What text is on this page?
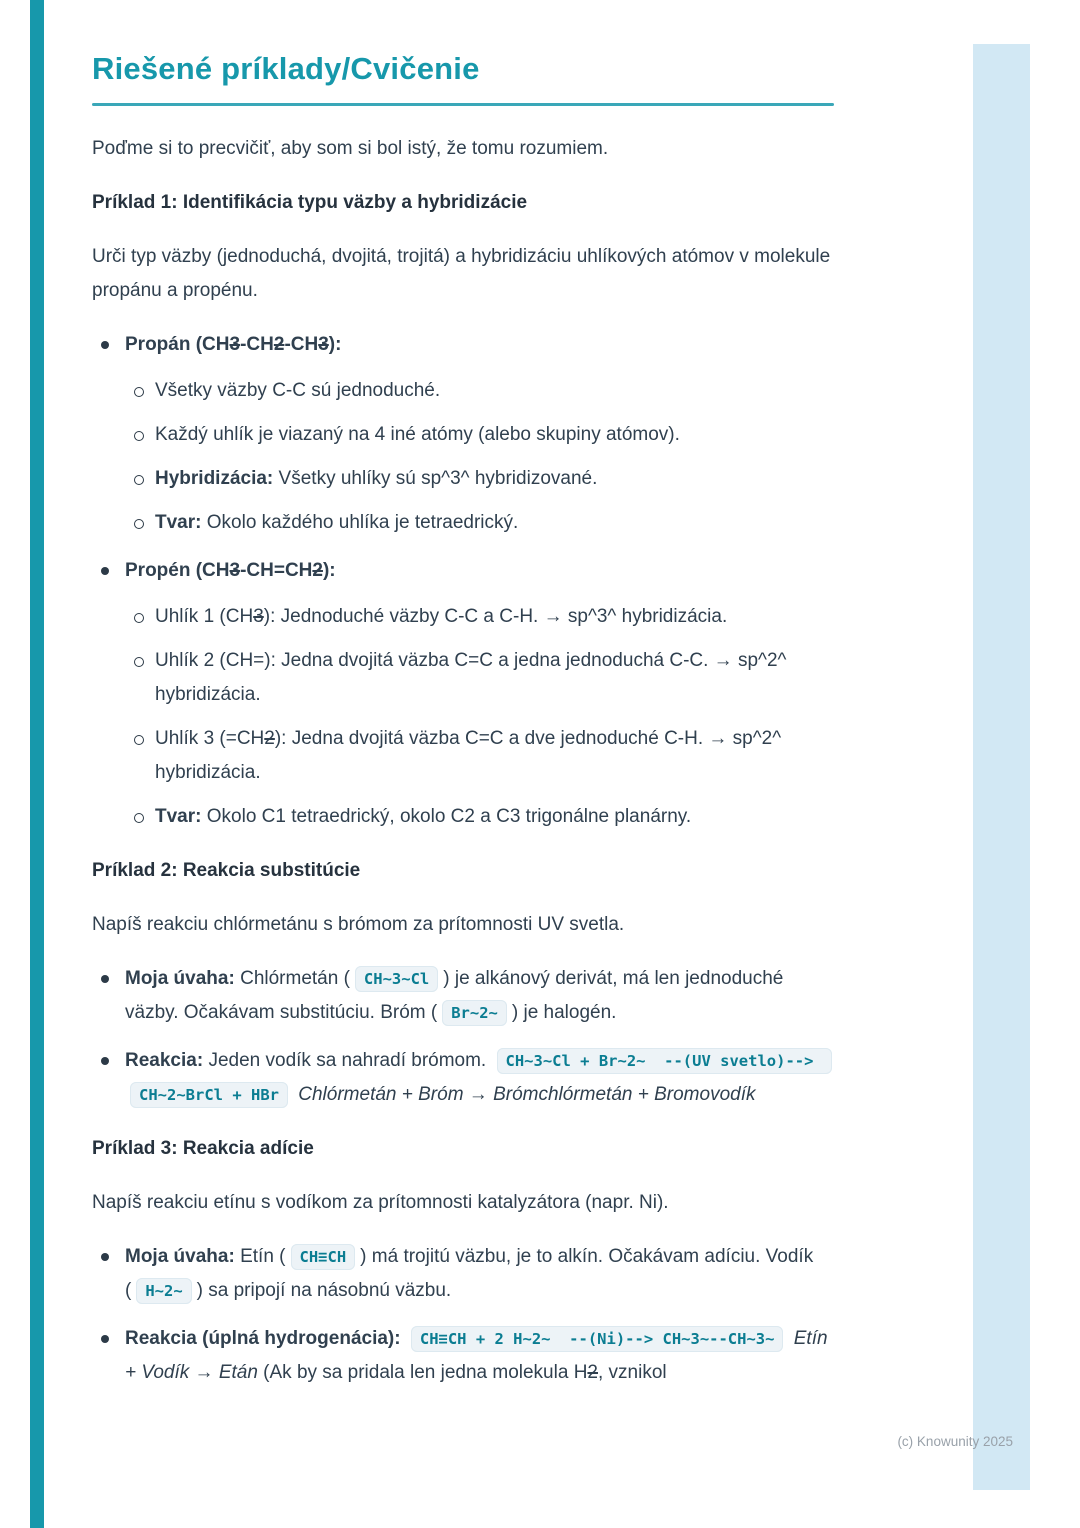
Riešené príklady/Cvičenie

Poďme si to precvičiť, aby som si bol istý, že tomu rozumiem.

Príklad 1: Identifikácia typu väzby a hybridizácie

Urči typ väzby (jednoduchá, dvojitá, trojitá) a hybridizáciu uhlíkových atómov v molekule propánu a propénu.

Propán (CH3-CH2-CH3):
Všetky väzby C-C sú jednoduché.
Každý uhlík je viazaný na 4 iné atómy (alebo skupiny atómov).
Hybridizácia: Všetky uhlíky sú sp^3^ hybridizované.
Tvar: Okolo každého uhlíka je tetraedrický.
Propén (CH3-CH=CH2):
Uhlík 1 (CH3): Jednoduché väzby C-C a C-H. → sp^3^ hybridizácia.
Uhlík 2 (CH=): Jedna dvojitá väzba C=C a jedna jednoduchá C-C. → sp^2^ hybridizácia.
Uhlík 3 (=CH2): Jedna dvojitá väzba C=C a dve jednoduché C-H. → sp^2^ hybridizácia.
Tvar: Okolo C1 tetraedrický, okolo C2 a C3 trigonálne planárny.

Príklad 2: Reakcia substitúcie

Napíš reakciu chlórmetánu s brómom za prítomnosti UV svetla.

Moja úvaha: Chlórmetán ( CH~3~Cl ) je alkánový derivát, má len jednoduché väzby. Očakávam substitúciu. Bróm ( Br~2~ ) je halogén.
Reakcia: Jeden vodík sa nahradí brómom. CH~3~Cl + Br~2~  --(UV svetlo)--> CH~2~BrCl + HBr Chlórmetán + Bróm → Brómchlórmetán + Bromovodík

Príklad 3: Reakcia adície

Napíš reakciu etínu s vodíkom za prítomnosti katalyzátora (napr. Ni).

Moja úvaha: Etín ( CH≡CH ) má trojitú väzbu, je to alkín. Očakávam adíciu. Vodík ( H~2~ ) sa pripojí na násobnú väzbu.
Reakcia (úplná hydrogenácia): CH≡CH + 2 H~2~  --(Ni)--> CH~3~--CH~3~ Etín + Vodík → Etán (Ak by sa pridala len jedna molekula H2, vznikol
(c) Knowunity 2025
